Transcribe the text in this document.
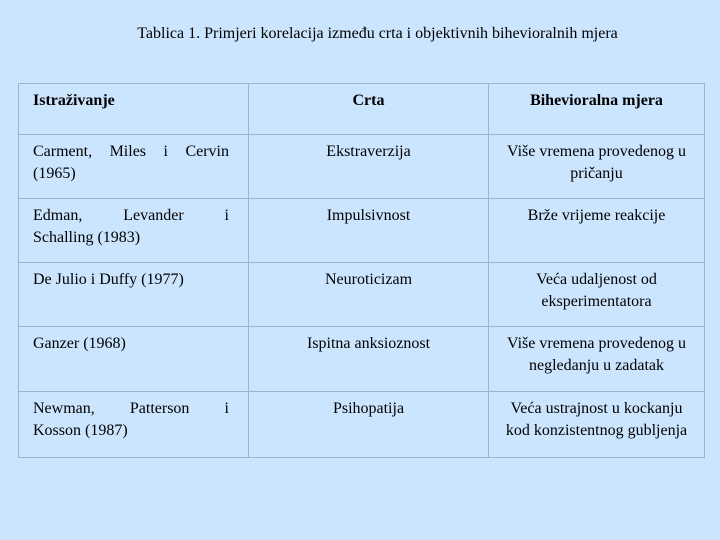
Tablica 1. Primjeri korelacija između crta i objektivnih bihevioralnih mjera
Istraživanje	Crta	Bihevioralna mjera

Carment, Miles i Cervin
(1965)	Ekstraverzija	Više vremena provedenog u pričanju

Edman, Levander i
Schalling (1983)	Impulsivnost	Brže vrijeme reakcije

De Julio i Duffy (1977)	Neuroticizam	Veća udaljenost od eksperimentatora

Ganzer (1968)	Ispitna anksioznost	Više vremena provedenog u negledanju u zadatak

Newman, Patterson i
Kosson (1987)	Psihopatija	Veća ustrajnost u kockanju kod konzistentnog gubljenja
